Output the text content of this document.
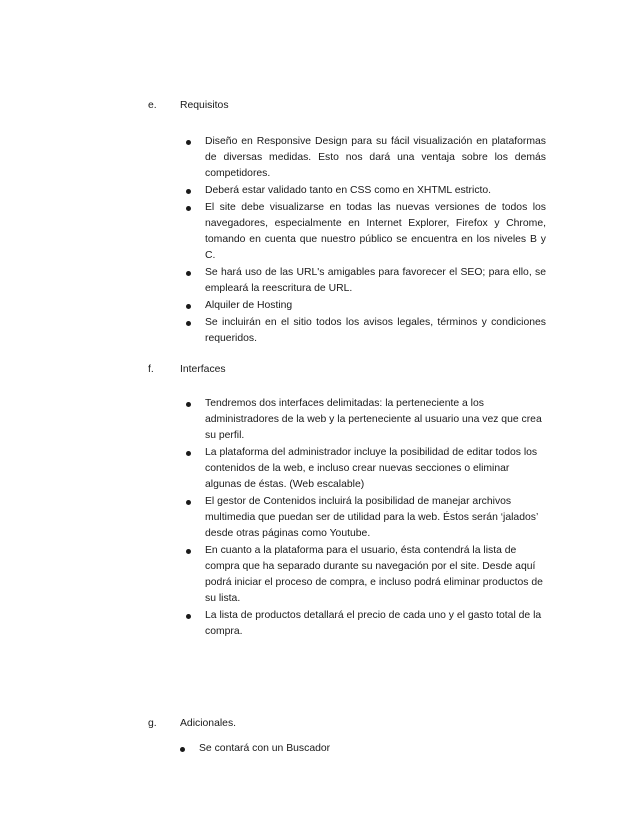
e. Requisitos
Diseño en Responsive Design para su fácil visualización en plataformas de diversas medidas. Esto nos dará una ventaja sobre los demás competidores.
Deberá estar validado tanto en CSS como en XHTML estricto.
El site debe visualizarse en todas las nuevas versiones de todos los navegadores, especialmente en Internet Explorer, Firefox y Chrome, tomando en cuenta que nuestro público se encuentra en los niveles B y C.
Se hará uso de las URL's amigables para favorecer el SEO; para ello, se empleará la reescritura de URL.
Alquiler de Hosting
Se incluirán en el sitio todos los avisos legales, términos y condiciones requeridos.
f.	Interfaces
Tendremos dos interfaces delimitadas: la perteneciente a los administradores de la web y la perteneciente al usuario una vez que crea su perfil.
La plataforma del administrador incluye la posibilidad de editar todos los contenidos de la web, e incluso crear nuevas secciones o eliminar algunas de éstas. (Web escalable)
El gestor de Contenidos incluirá la posibilidad de manejar archivos multimedia que puedan ser de utilidad para la web. Éstos serán ‘jalados’ desde otras páginas como Youtube.
En cuanto a la plataforma para el usuario, ésta contendrá la lista de compra que ha separado durante su navegación por el site. Desde aquí podrá iniciar el proceso de compra, e incluso podrá eliminar productos de su lista.
La lista de productos detallará el precio de cada uno y el gasto total de la compra.
g. Adicionales.
Se contará con un Buscador
